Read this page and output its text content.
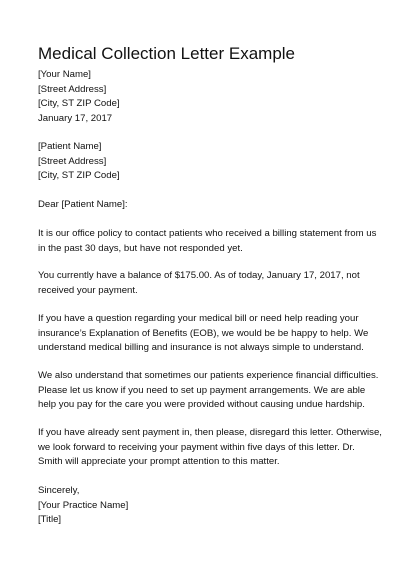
Medical Collection Letter Example
[Your Name]
[Street Address]
[City, ST ZIP Code]
January 17, 2017
[Patient Name]
[Street Address]
[City, ST ZIP Code]
Dear [Patient Name]:
It is our office policy to contact patients who received a billing statement from us
in the past 30 days, but have not responded yet.
You currently have a balance of $175.00. As of today, January 17, 2017, not
received your payment.
If you have a question regarding your medical bill or need help reading your
insurance’s Explanation of Benefits (EOB), we would be be happy to help. We
understand medical billing and insurance is not always simple to understand.
We also understand that sometimes our patients experience financial difficulties.
Please let us know if you need to set up payment arrangements. We are able
help you pay for the care you were provided without causing undue hardship.
If you have already sent payment in, then please, disregard this letter. Otherwise,
we look forward to receiving your payment within five days of this letter. Dr.
Smith will appreciate your prompt attention to this matter.
Sincerely,
[Your Practice Name]
[Title]
